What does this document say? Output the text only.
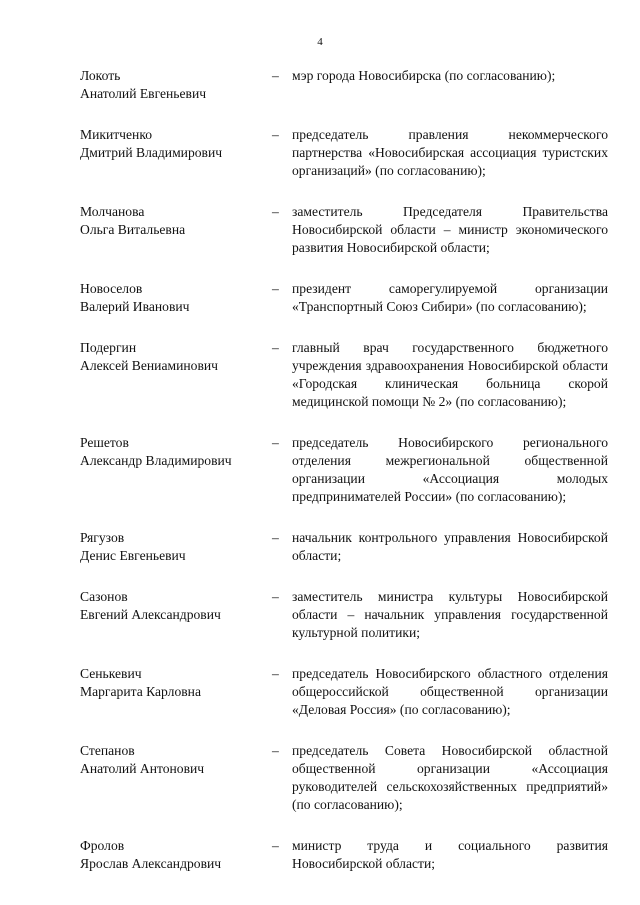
4
Локоть
Анатолий Евгеньевич
– мэр города Новосибирска (по согласованию);
Микитченко
Дмитрий Владимирович
– председатель правления некоммерческого партнерства «Новосибирская ассоциация туристских организаций» (по согласованию);
Молчанова
Ольга Витальевна
– заместитель Председателя Правительства Новосибирской области – министр экономического развития Новосибирской области;
Новоселов
Валерий Иванович
– президент саморегулируемой организации «Транспортный Союз Сибири» (по согласованию);
Подергин
Алексей Вениаминович
– главный врач государственного бюджетного учреждения здравоохранения Новосибирской области «Городская клиническая больница скорой медицинской помощи № 2» (по согласованию);
Решетов
Александр Владимирович
– председатель Новосибирского регионального отделения межрегиональной общественной организации «Ассоциация молодых предпринимателей России» (по согласованию);
Рягузов
Денис Евгеньевич
– начальник контрольного управления Новосибирской области;
Сазонов
Евгений Александрович
– заместитель министра культуры Новосибирской области – начальник управления государственной культурной политики;
Сенькевич
Маргарита Карловна
– председатель Новосибирского областного отделения общероссийской общественной организации «Деловая Россия» (по согласованию);
Степанов
Анатолий Антонович
– председатель Совета Новосибирской областной общественной организации «Ассоциация руководителей сельскохозяйственных предприятий» (по согласованию);
Фролов
Ярослав Александрович
– министр труда и социального развития Новосибирской области;
